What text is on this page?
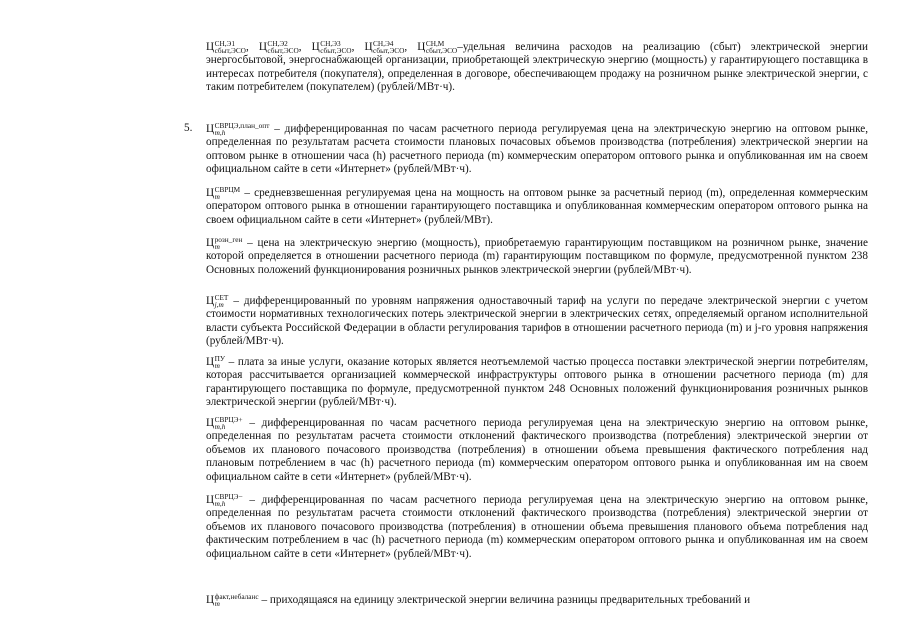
Ц СН,Э1
сбыт,ЭСО , Ц СН,Э2
сбыт,ЭСО , Ц СН,Э3
сбыт,ЭСО , Ц СН,Э4
сбыт,ЭСО , Ц СН,М
сбыт,ЭСО –удельная величина расходов на реализацию (сбыт) электрической энергии энергосбытовой, энергоснабжающей организации, приобретающей электрическую энергию (мощность) у гарантирующего поставщика в интересах потребителя (покупателя), определенная в договоре, обеспечивающем продажу на розничном рынке электрической энергии, с таким потребителем (покупателем) (рублей/МВт·ч).

5. Ц СВРЦЭ,план_опт
m,h	– дифференцированная по часам расчетного периода регулируемая цена на электрическую энергию на оптовом рынке, определенная по результатам расчета стоимости плановых почасовых объемов производства (потребления) электрической энергии на оптовом рынке в отношении часа (h) расчетного периода (m) коммерческим оператором оптового рынка и опубликованная им на своем официальном сайте в сети «Интернет» (рублей/МВт·ч).

Ц СВРЦМ
m	– средневзвешенная регулируемая цена на мощность на оптовом рынке за расчетный период (m), определенная коммерческим оператором оптового рынка в отношении гарантирующего поставщика и опубликованная коммерческим оператором оптового рынка на своем официальном сайте в сети «Интернет» (рублей/МВт).

Ц розн_ген
m	– цена на электрическую энергию (мощность), приобретаемую гарантирующим поставщиком на розничном рынке, значение которой определяется в отношении расчетного периода (m) гарантирующим поставщиком по формуле, предусмотренной пунктом 238 Основных положений функционирования розничных рынков электрической энергии (рублей/МВт·ч).

Ц СЕТ
j,m – дифференцированный по уровням напряжения одноставочный тариф на услуги по передаче электрической энергии с учетом стоимости нормативных технологических потерь электрической энергии в электрических сетях, определяемый органом исполнительной власти субъекта Российской Федерации в области регулирования тарифов в отношении расчетного периода (m) и j-го уровня напряжения (рублей/МВт·ч).

Ц ПУ
m – плата за иные услуги, оказание которых является неотъемлемой частью процесса поставки электрической энергии потребителям, которая рассчитывается организацией коммерческой инфраструктуры оптового рынка в отношении расчетного периода (m) для гарантирующего поставщика по формуле, предусмотренной пунктом 248 Основных положений функционирования розничных рынков электрической энергии (рублей/МВт·ч).

Ц СВРЦЭ+
m,h	– дифференцированная по часам расчетного периода регулируемая цена на электрическую энергию на оптовом рынке, определенная по результатам расчета стоимости отклонений фактического производства (потребления) электрической энергии от объемов их планового почасового производства (потребления) в отношении объема превышения фактического потребления над плановым потреблением в час (h) расчетного периода (m) коммерческим оператором оптового рынка и опубликованная им на своем официальном сайте в сети «Интернет» (рублей/МВт·ч).

Ц СВРЦЭ−
m,h	– дифференцированная по часам расчетного периода регулируемая цена на электрическую энергию на оптовом рынке, определенная по результатам расчета стоимости отклонений фактического производства (потребления) электрической энергии от объемов их планового почасового производства (потребления) в отношении объема превышения планового объема потребления над фактическим потреблением в час (h) расчетного периода (m) коммерческим оператором оптового рынка и опубликованная им на своем официальном сайте в сети «Интернет» (рублей/МВт·ч).

Ц факт,небаланс
m	– приходящаяся на единицу электрической энергии величина разницы предварительных требований и
